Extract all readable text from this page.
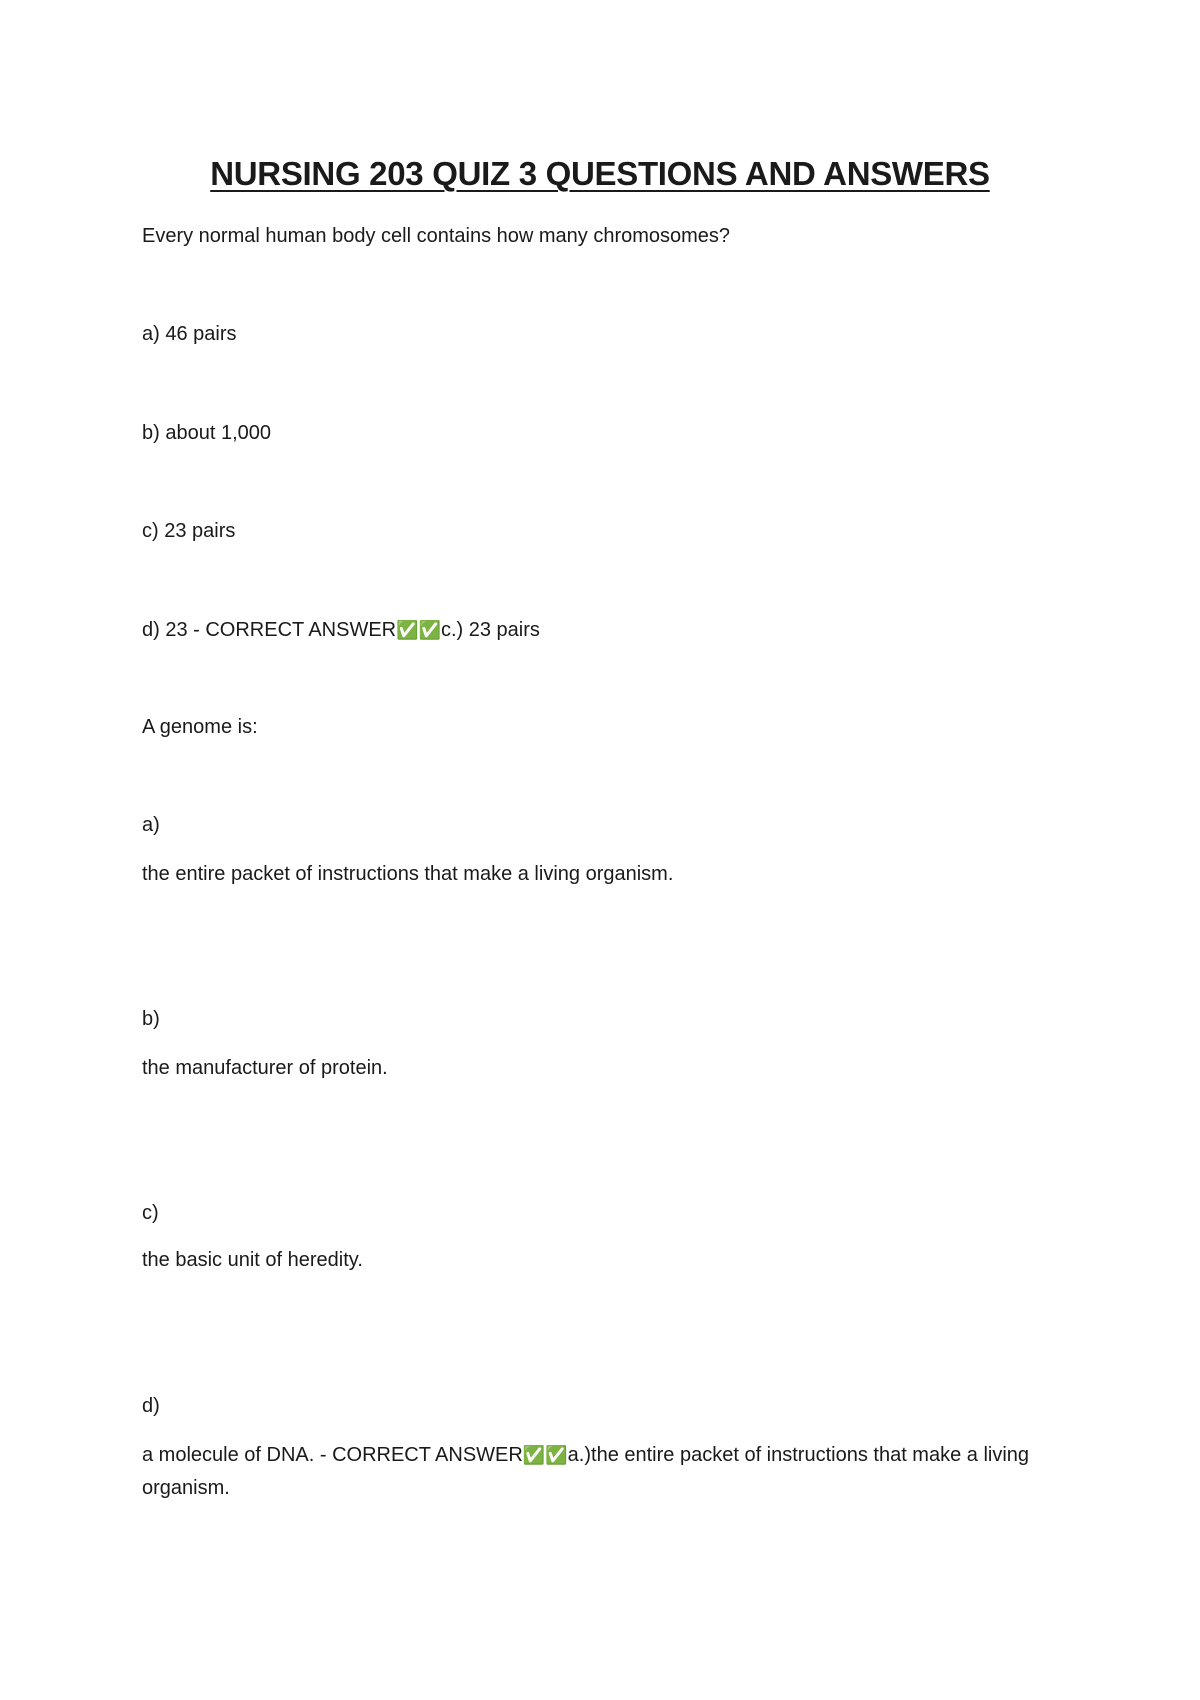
NURSING 203 QUIZ 3 QUESTIONS AND ANSWERS
Every normal human body cell contains how many chromosomes?
a) 46 pairs
b) about 1,000
c) 23 pairs
d) 23 - CORRECT ANSWER✅✅c.) 23 pairs
A genome is:
a)
the entire packet of instructions that make a living organism.
b)
the manufacturer of protein.
c)
the basic unit of heredity.
d)
a molecule of DNA. - CORRECT ANSWER✅✅a.)the entire packet of instructions that make a living organism.
